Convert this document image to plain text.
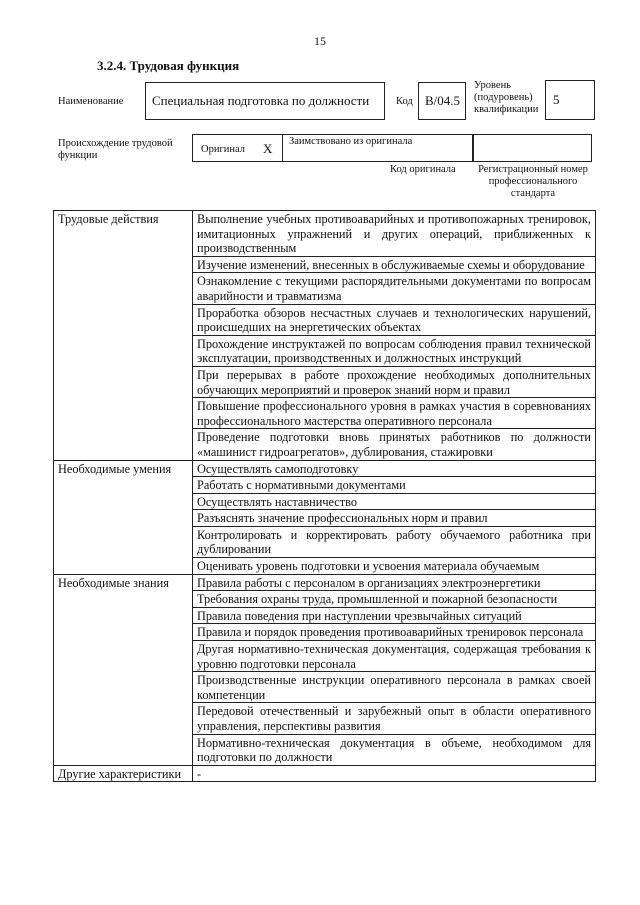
15
3.2.4. Трудовая функция
Наименование Специальная подготовка по должности	Код B/04.5
Уровень (подуровень) квалификации
5
Происхождение трудовой функции
Оригинал X Заимствовано из оригинала
Код оригинала	Регистрационный номер профессионального стандарта
Трудовые действия	Выполнение учебных противоаварийных и противопожарных тренировок, имитационных упражнений и других операций, приближенных к производственным
	Изучение изменений, внесенных в обслуживаемые схемы и оборудование
	Ознакомление с текущими распорядительными документами по вопросам аварийности и травматизма
	Проработка обзоров несчастных случаев и технологических нарушений, происшедших на энергетических объектах
	Прохождение инструктажей по вопросам соблюдения правил технической эксплуатации, производственных и должностных инструкций
	При перерывах в работе прохождение необходимых дополнительных обучающих мероприятий и проверок знаний норм и правил
	Повышение профессионального уровня в рамках участия в соревнованиях профессионального мастерства оперативного персонала
	Проведение подготовки вновь принятых работников по должности «машинист гидроагрегатов», дублирования, стажировки
Необходимые умения	Осуществлять самоподготовку
	Работать с нормативными документами
	Осуществлять наставничество
	Разъяснять значение профессиональных норм и правил
	Контролировать и корректировать работу обучаемого работника при дублировании
	Оценивать уровень подготовки и усвоения материала обучаемым
Необходимые знания	Правила работы с персоналом в организациях электроэнергетики
	Требования охраны труда, промышленной и пожарной безопасности
	Правила поведения при наступлении чрезвычайных ситуаций
	Правила и порядок проведения противоаварийных тренировок персонала
	Другая нормативно-техническая документация, содержащая требования к уровню подготовки персонала
	Производственные инструкции оперативного персонала в рамках своей компетенции
	Передовой отечественный и зарубежный опыт в области оперативного управления, перспективы развития
	Нормативно-техническая документация в объеме, необходимом для подготовки по должности
Другие характеристики	-
